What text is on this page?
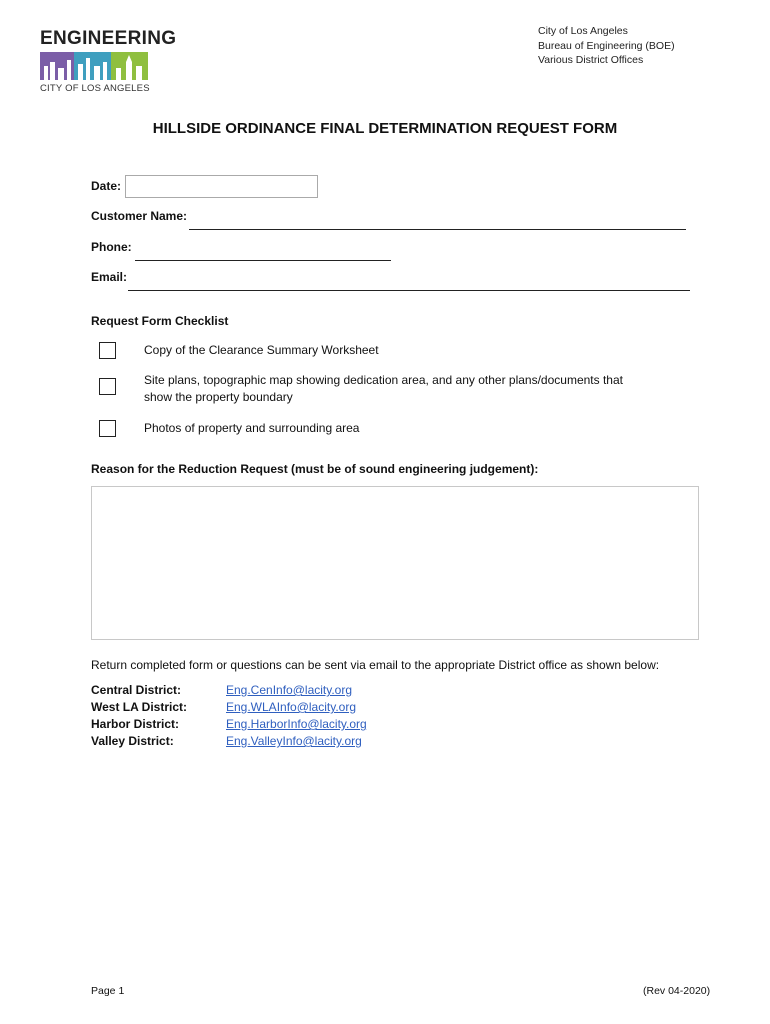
ENGINEERING
CITY OF LOS ANGELES
City of Los Angeles
Bureau of Engineering (BOE)
Various District Offices
HILLSIDE ORDINANCE FINAL DETERMINATION REQUEST FORM
Date:
Customer Name:
Phone:
Email:
Request Form Checklist
Copy of the Clearance Summary Worksheet
Site plans, topographic map showing dedication area, and any other plans/documents that
show the property boundary
Photos of property and surrounding area
Reason for the Reduction Request (must be of sound engineering judgement):
Return completed form or questions can be sent via email to the appropriate District office as shown below:
Central District:
West LA District:
Harbor District:
Valley District:
Eng.CenInfo@lacity.org
Eng.WLAInfo@lacity.org
Eng.HarborInfo@lacity.org
Eng.ValleyInfo@lacity.org
Page 1	(Rev 04-2020)
